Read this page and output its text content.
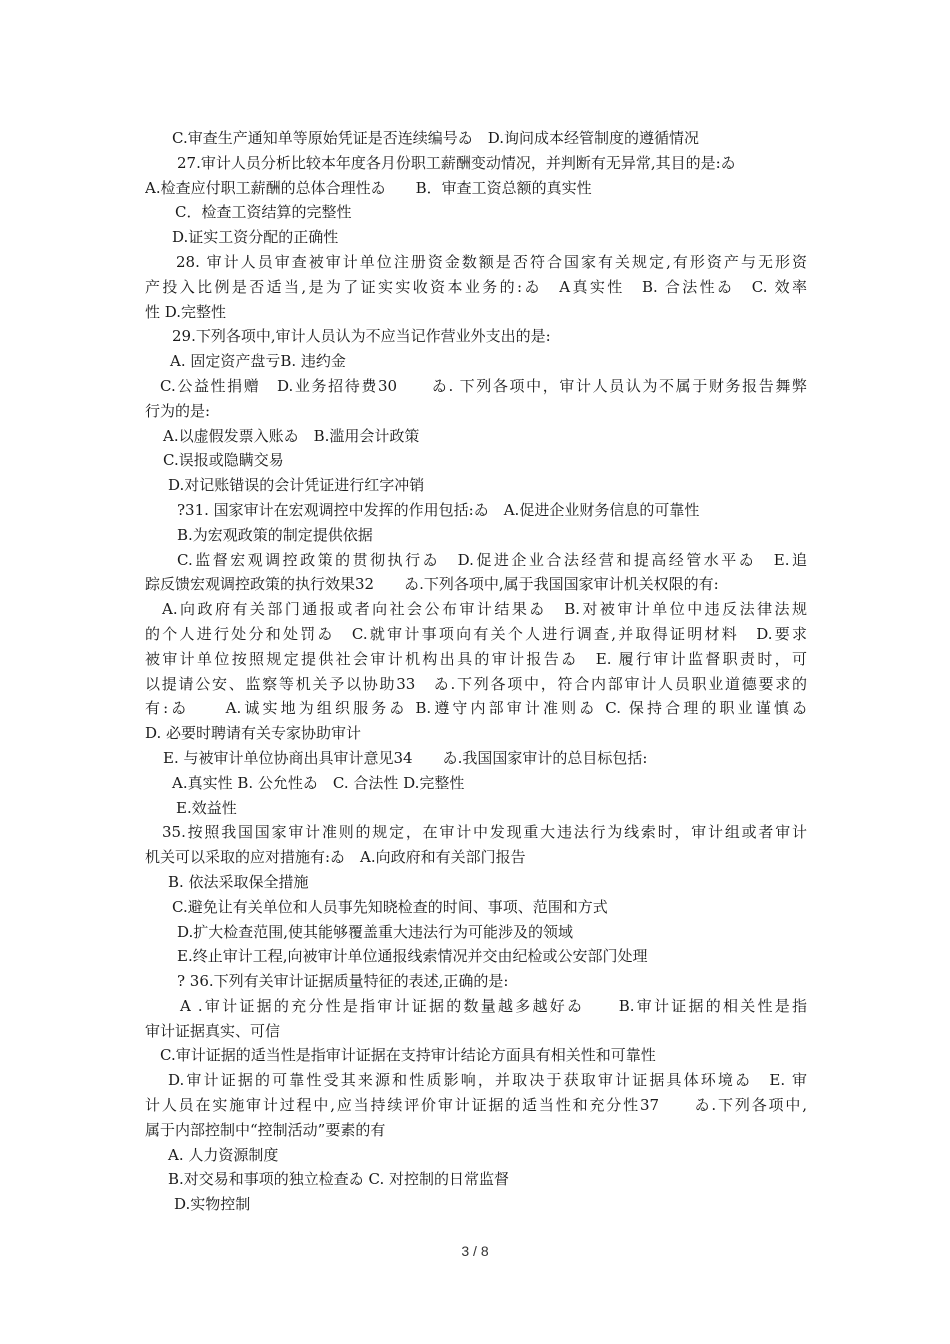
C.审查生产通知单等原始凭证是否连续编号ゐ　D.询问成本经管制度的遵循情况
27.审计人员分析比较本年度各月份职工薪酬变动情况，并判断有无异常,其目的是:ゐ
A.检查应付职工薪酬的总体合理性ゐ　　B．审查工资总额的真实性
C．检查工资结算的完整性
D.证实工资分配的正确性
28. 审计人员审查被审计单位注册资金数额是否符合国家有关规定,有形资产与无形资
产投入比例是否适当,是为了证实实收资本业务的:ゐ　A真实性　B. 合法性ゐ　C. 效率
性 D.完整性
29.下列各项中,审计人员认为不应当记作营业外支出的是:
A. 固定资产盘亏B. 违约金
C.公益性捐赠　D.业务招待费30　　ゐ. 下列各项中，审计人员认为不属于财务报告舞弊
行为的是:
A.以虚假发票入账ゐ　B.滥用会计政策
C.误报或隐瞒交易
D.对记账错误的会计凭证进行红字冲销
?31. 国家审计在宏观调控中发挥的作用包括:ゐ　A.促进企业财务信息的可靠性
B.为宏观政策的制定提供依据
C.监督宏观调控政策的贯彻执行ゐ　D.促进企业合法经营和提高经管水平ゐ　E.追
踪反馈宏观调控政策的执行效果32　　ゐ.下列各项中,属于我国国家审计机关权限的有:
A.向政府有关部门通报或者向社会公布审计结果ゐ　B.对被审计单位中违反法律法规
的个人进行处分和处罚ゐ　C.就审计事项向有关个人进行调查,并取得证明材料　D.要求
被审计单位按照规定提供社会审计机构出具的审计报告ゐ　E. 履行审计监督职责时，可
以提请公安、监察等机关予以协助33　ゐ.下列各项中，符合内部审计人员职业道德要求的
有:ゐ　　A.诚实地为组织服务ゐ B.遵守内部审计准则ゐ C. 保持合理的职业谨慎ゐ
D. 必要时聘请有关专家协助审计
E. 与被审计单位协商出具审计意见34　　ゐ.我国国家审计的总目标包括:
A.真实性 B. 公允性ゐ　C. 合法性 D.完整性
E.效益性
35.按照我国国家审计准则的规定，在审计中发现重大违法行为线索时，审计组或者审计
机关可以采取的应对措施有:ゐ　A.向政府和有关部门报告
B. 依法采取保全措施
C.避免让有关单位和人员事先知晓检查的时间、事项、范围和方式
D.扩大检查范围,使其能够覆盖重大违法行为可能涉及的领域
E.终止审计工程,向被审计单位通报线索情况并交由纪检或公安部门处理
? 36.下列有关审计证据质量特征的表述,正确的是:
A .审计证据的充分性是指审计证据的数量越多越好ゐ　　B.审计证据的相关性是指
审计证据真实、可信
C.审计证据的适当性是指审计证据在支持审计结论方面具有相关性和可靠性
D.审计证据的可靠性受其来源和性质影响，并取决于获取审计证据具体环境ゐ　E. 审
计人员在实施审计过程中,应当持续评价审计证据的适当性和充分性37　　ゐ.下列各项中,
属于内部控制中“控制活动”要素的有
A. 人力资源制度
B.对交易和事项的独立检查ゐ C. 对控制的日常监督
D.实物控制
3 / 8
